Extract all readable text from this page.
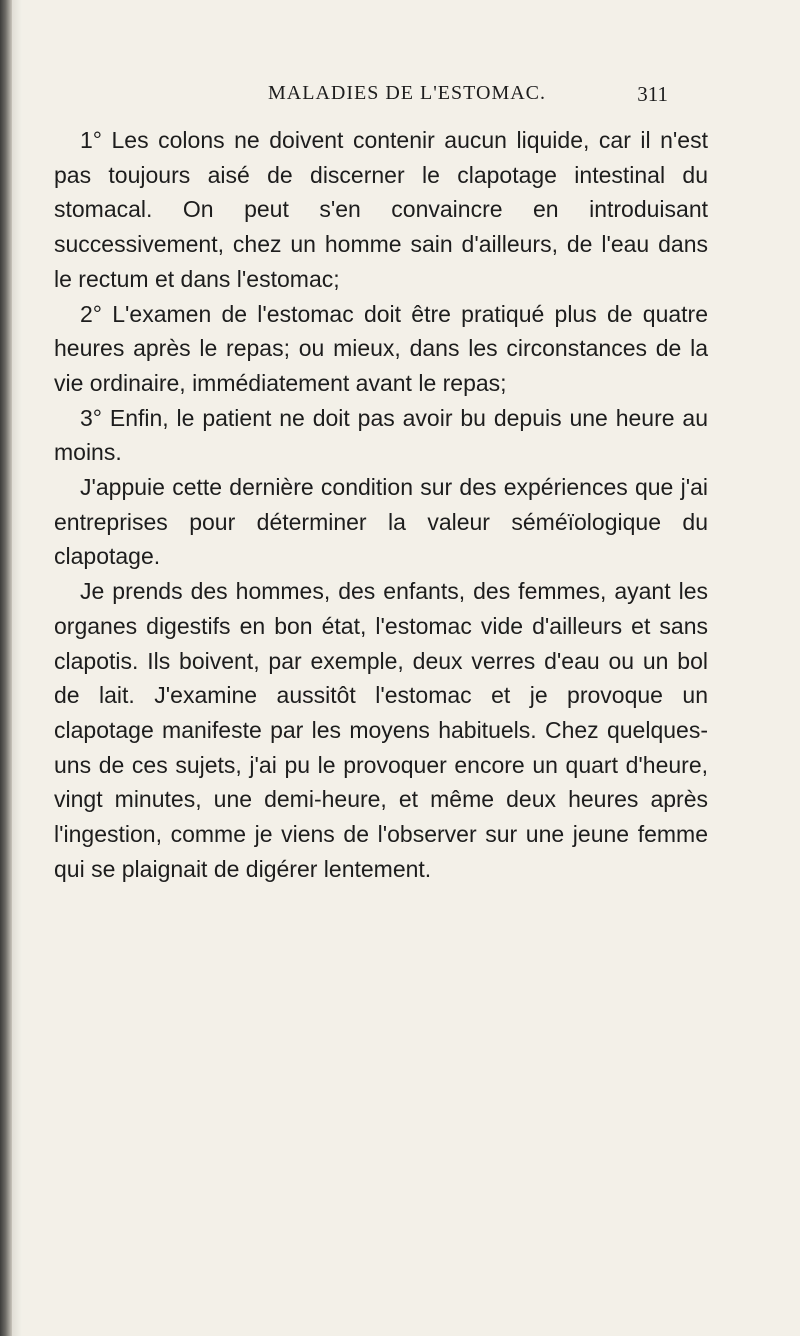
MALADIES DE L'ESTOMAC.	311

1° Les colons ne doivent contenir aucun liquide, car il n'est pas toujours aisé de discerner le clapotage intestinal du stomacal. On peut s'en convaincre en introduisant successivement, chez un homme sain d'ailleurs, de l'eau dans le rectum et dans l'estomac;

2° L'examen de l'estomac doit être pratiqué plus de quatre heures après le repas; ou mieux, dans les circonstances de la vie ordinaire, immédiatement avant le repas;

3° Enfin, le patient ne doit pas avoir bu depuis une heure au moins.

J'appuie cette dernière condition sur des expériences que j'ai entreprises pour déterminer la valeur séméïologique du clapotage.

Je prends des hommes, des enfants, des femmes, ayant les organes digestifs en bon état, l'estomac vide d'ailleurs et sans clapotis. Ils boivent, par exemple, deux verres d'eau ou un bol de lait. J'examine aussitôt l'estomac et je provoque un clapotage manifeste par les moyens habituels. Chez quelques-uns de ces sujets, j'ai pu le provoquer encore un quart d'heure, vingt minutes, une demi-heure, et même deux heures après l'ingestion, comme je viens de l'observer sur une jeune femme qui se plaignait de digérer lentement.
